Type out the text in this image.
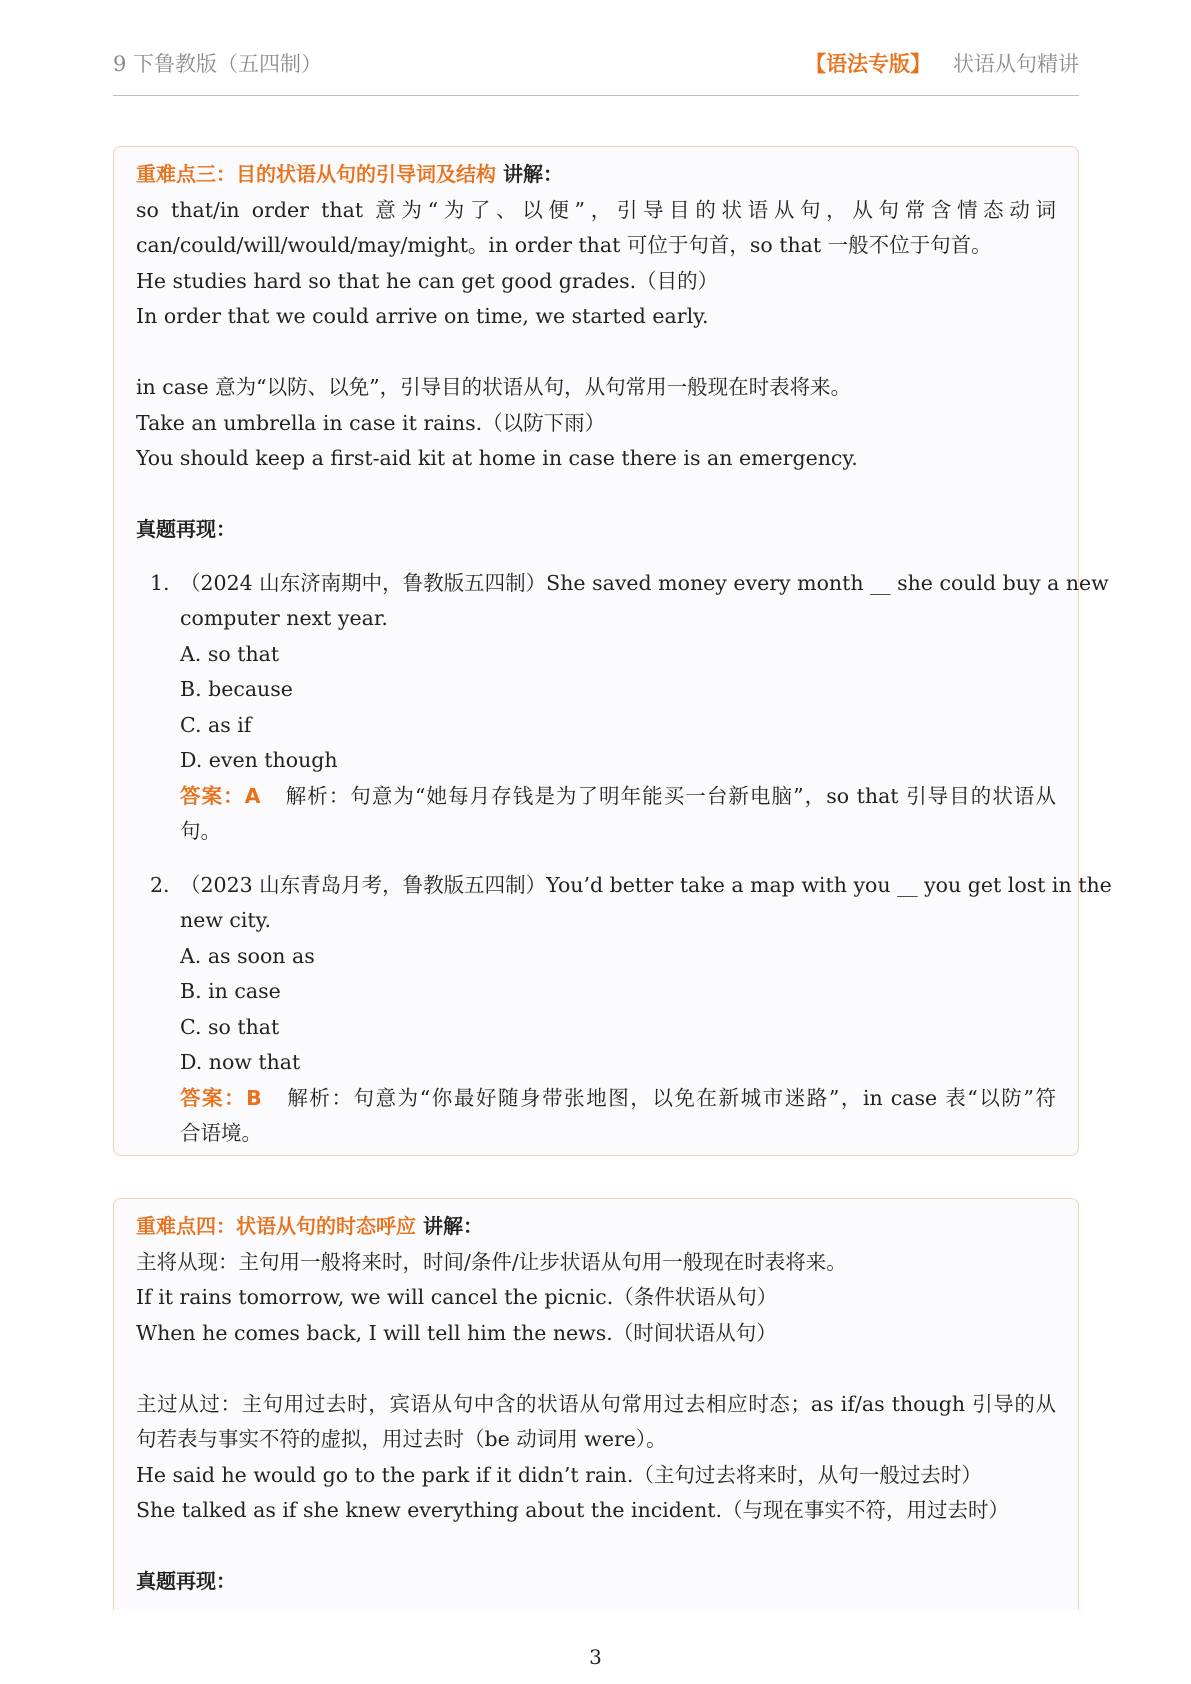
9 下鲁教版（五四制）	【语法专版】 状语从句精讲
重难点三：目的状语从句的引导词及结构 讲解：
so that/in order that 意为“为了、以便”，引导目的状语从句，从句常含情态动词
can/could/will/would/may/might。in order that 可位于句首，so that 一般不位于句首。
He studies hard so that he can get good grades.（目的）
In order that we could arrive on time, we started early.
in case 意为“以防、以免”，引导目的状语从句，从句常用一般现在时表将来。
Take an umbrella in case it rains.（以防下雨）
You should keep a first-aid kit at home in case there is an emergency.
真题再现：
1. （2024 山东济南期中，鲁教版五四制）She saved money every month __ she could buy a new
computer next year.
A. so that
B. because
C. as if
D. even though
答案：A 解析：句意为“她每月存钱是为了明年能买一台新电脑”，so that 引导目的状语从
句。
2. （2023 山东青岛月考，鲁教版五四制）You’d better take a map with you __ you get lost in the
new city.
A. as soon as
B. in case
C. so that
D. now that
答案：B 解析：句意为“你最好随身带张地图，以免在新城市迷路”，in case 表“以防”符
合语境。
重难点四：状语从句的时态呼应 讲解：
主将从现：主句用一般将来时，时间/条件/让步状语从句用一般现在时表将来。
If it rains tomorrow, we will cancel the picnic.（条件状语从句）
When he comes back, I will tell him the news.（时间状语从句）
主过从过：主句用过去时，宾语从句中含的状语从句常用过去相应时态；as if/as though 引导的从
句若表与事实不符的虚拟，用过去时（be 动词用 were）。
He said he would go to the park if it didn’t rain.（主句过去将来时，从句一般过去时）
She talked as if she knew everything about the incident.（与现在事实不符，用过去时）
真题再现：
3
